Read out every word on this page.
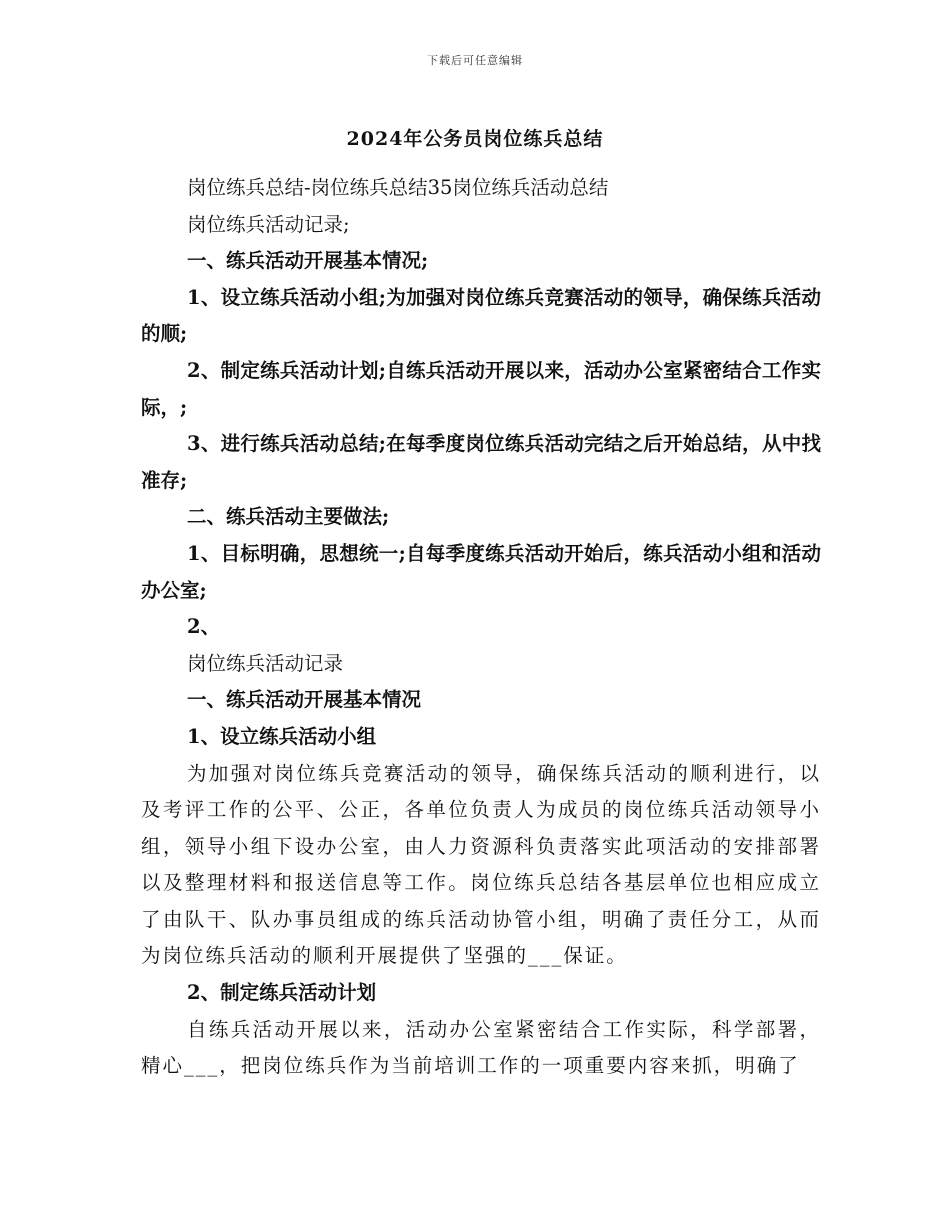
下载后可任意编辑
2024年公务员岗位练兵总结

岗位练兵总结-岗位练兵总结35岗位练兵活动总结

岗位练兵活动记录;

一、练兵活动开展基本情况;

1、设立练兵活动小组;为加强对岗位练兵竞赛活动的领导，确保练兵活动的顺;

2、制定练兵活动计划;自练兵活动开展以来，活动办公室紧密结合工作实际，;

3、进行练兵活动总结;在每季度岗位练兵活动完结之后开始总结，从中找准存;

二、练兵活动主要做法;

1、目标明确，思想统一;自每季度练兵活动开始后，练兵活动小组和活动办公室;

2、

岗位练兵活动记录

一、练兵活动开展基本情况

1、设立练兵活动小组

为加强对岗位练兵竞赛活动的领导，确保练兵活动的顺利进行，以及考评工作的公平、公正，各单位负责人为成员的岗位练兵活动领导小组，领导小组下设办公室，由人力资源科负责落实此项活动的安排部署以及整理材料和报送信息等工作。岗位练兵总结各基层单位也相应成立了由队干、队办事员组成的练兵活动协管小组，明确了责任分工，从而为岗位练兵活动的顺利开展提供了坚强的___保证。

2、制定练兵活动计划

自练兵活动开展以来，活动办公室紧密结合工作实际，科学部署，精心___，把岗位练兵作为当前培训工作的一项重要内容来抓，明确了
